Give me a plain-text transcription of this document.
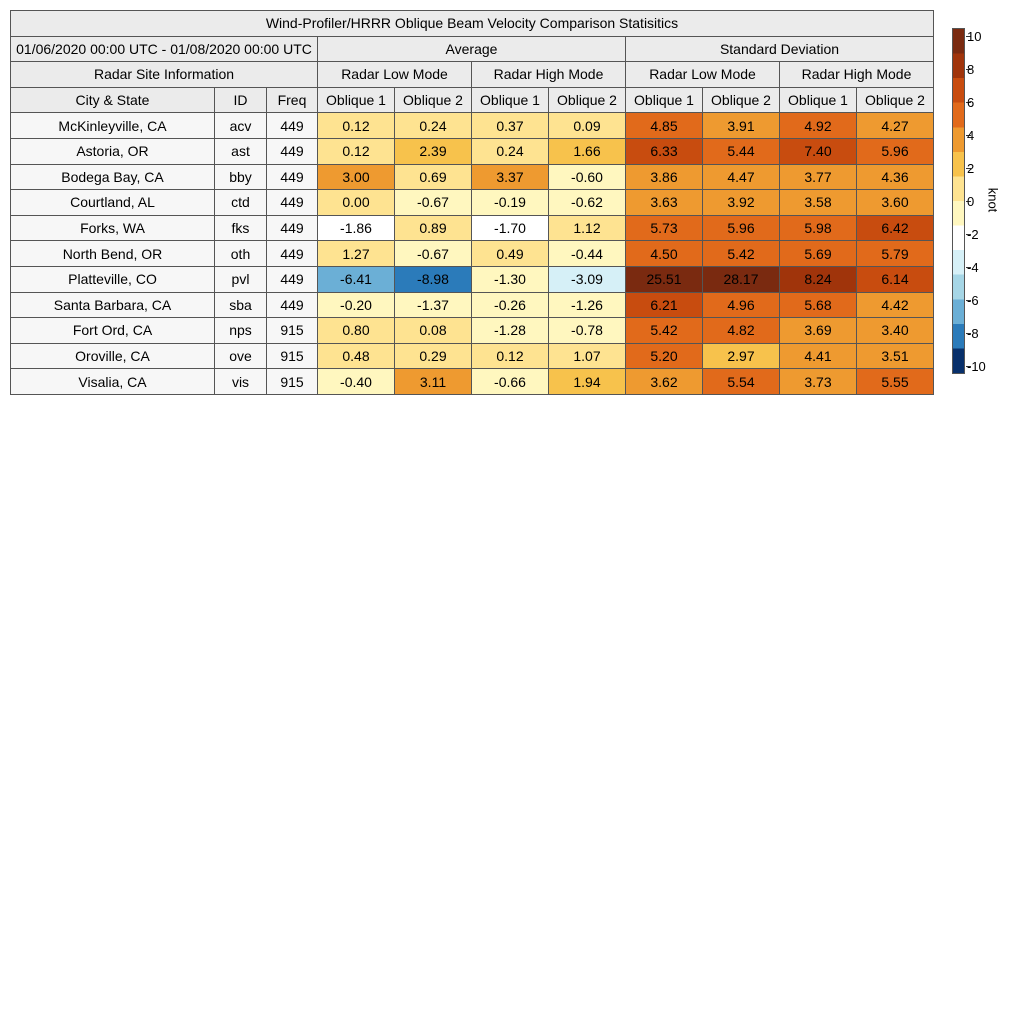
Wind-Profiler/HRRR Oblique Beam Velocity Comparison Statisitics										
01/06/2020 00:00 UTC - 01/08/2020 00:00 UTC			Average				Standard Deviation			
Radar Site Information			Radar Low Mode		Radar High Mode		Radar Low Mode		Radar High Mode	
City & State	ID	Freq	Oblique 1	Oblique 2	Oblique 1	Oblique 2	Oblique 1	Oblique 2	Oblique 1	Oblique 2
McKinleyville, CA	acv	449	0.12	0.24	0.37	0.09	4.85	3.91	4.92	4.27
Astoria, OR	ast	449	0.12	2.39	0.24	1.66	6.33	5.44	7.40	5.96
Bodega Bay, CA	bby	449	3.00	0.69	3.37	-0.60	3.86	4.47	3.77	4.36
Courtland, AL	ctd	449	0.00	-0.67	-0.19	-0.62	3.63	3.92	3.58	3.60
Forks, WA	fks	449	-1.86	0.89	-1.70	1.12	5.73	5.96	5.98	6.42
North Bend, OR	oth	449	1.27	-0.67	0.49	-0.44	4.50	5.42	5.69	5.79
Platteville, CO	pvl	449	-6.41	-8.98	-1.30	-3.09	25.51	28.17	8.24	6.14
Santa Barbara, CA	sba	449	-0.20	-1.37	-0.26	-1.26	6.21	4.96	5.68	4.42
Fort Ord, CA	nps	915	0.80	0.08	-1.28	-0.78	5.42	4.82	3.69	3.40
Oroville, CA	ove	915	0.48	0.29	0.12	1.07	5.20	2.97	4.41	3.51
Visalia, CA	vis	915	-0.40	3.11	-0.66	1.94	3.62	5.54	3.73	5.55
10
8
6
4
2
0
-2
-4
-6
-8
-10
knot
